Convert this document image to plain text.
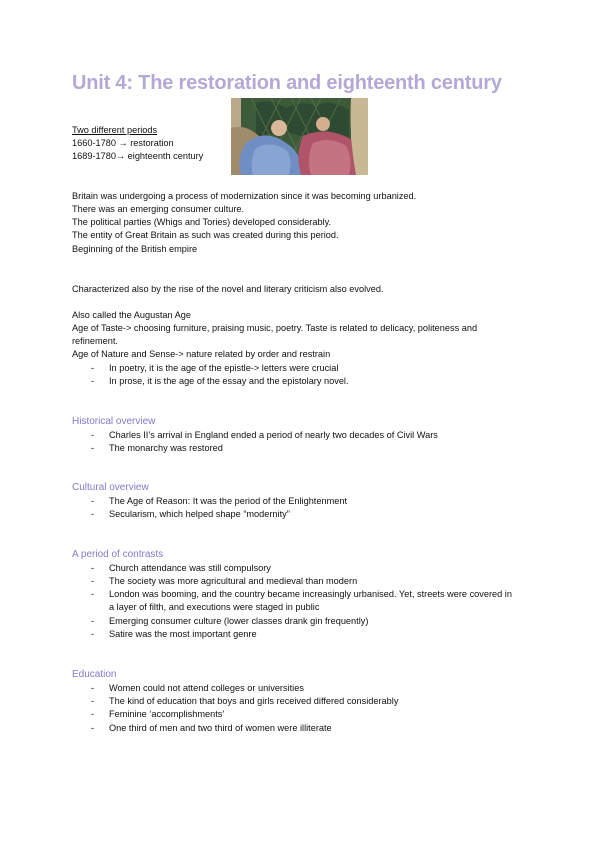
Unit 4: The restoration and eighteenth century
Two different periods
1660-1780 → restoration
1689-1780→ eighteenth century
Britain was undergoing a process of modernization since it was becoming urbanized.
There was an emerging consumer culture.
The political parties (Whigs and Tories) developed considerably.
The entity of Great Britain as such was created during this period.
Beginning of the British empire
Characterized also by the rise of the novel and literary criticism also evolved.
Also called the Augustan Age
Age of Taste-> choosing furniture, praising music, poetry. Taste is related to delicacy, politeness and
refinement.
Age of Nature and Sense-> nature related by order and restrain
- In poetry, it is the age of the epistle-> letters were crucial
- In prose, it is the age of the essay and the epistolary novel.
Historical overview
- Charles II’s arrival in England ended a period of nearly two decades of Civil Wars
- The monarchy was restored
Cultural overview
- The Age of Reason: It was the period of the Enlightenment
- Secularism, which helped shape “modernity”
A period of contrasts
- Church attendance was still compulsory
- The society was more agricultural and medieval than modern
- London was booming, and the country became increasingly urbanised. Yet, streets were covered in a layer of filth, and executions were staged in public
- Emerging consumer culture (lower classes drank gin frequently)
- Satire was the most important genre
Education
- Women could not attend colleges or universities
- The kind of education that boys and girls received differed considerably
- Feminine ‘accomplishments’
- One third of men and two third of women were illiterate
